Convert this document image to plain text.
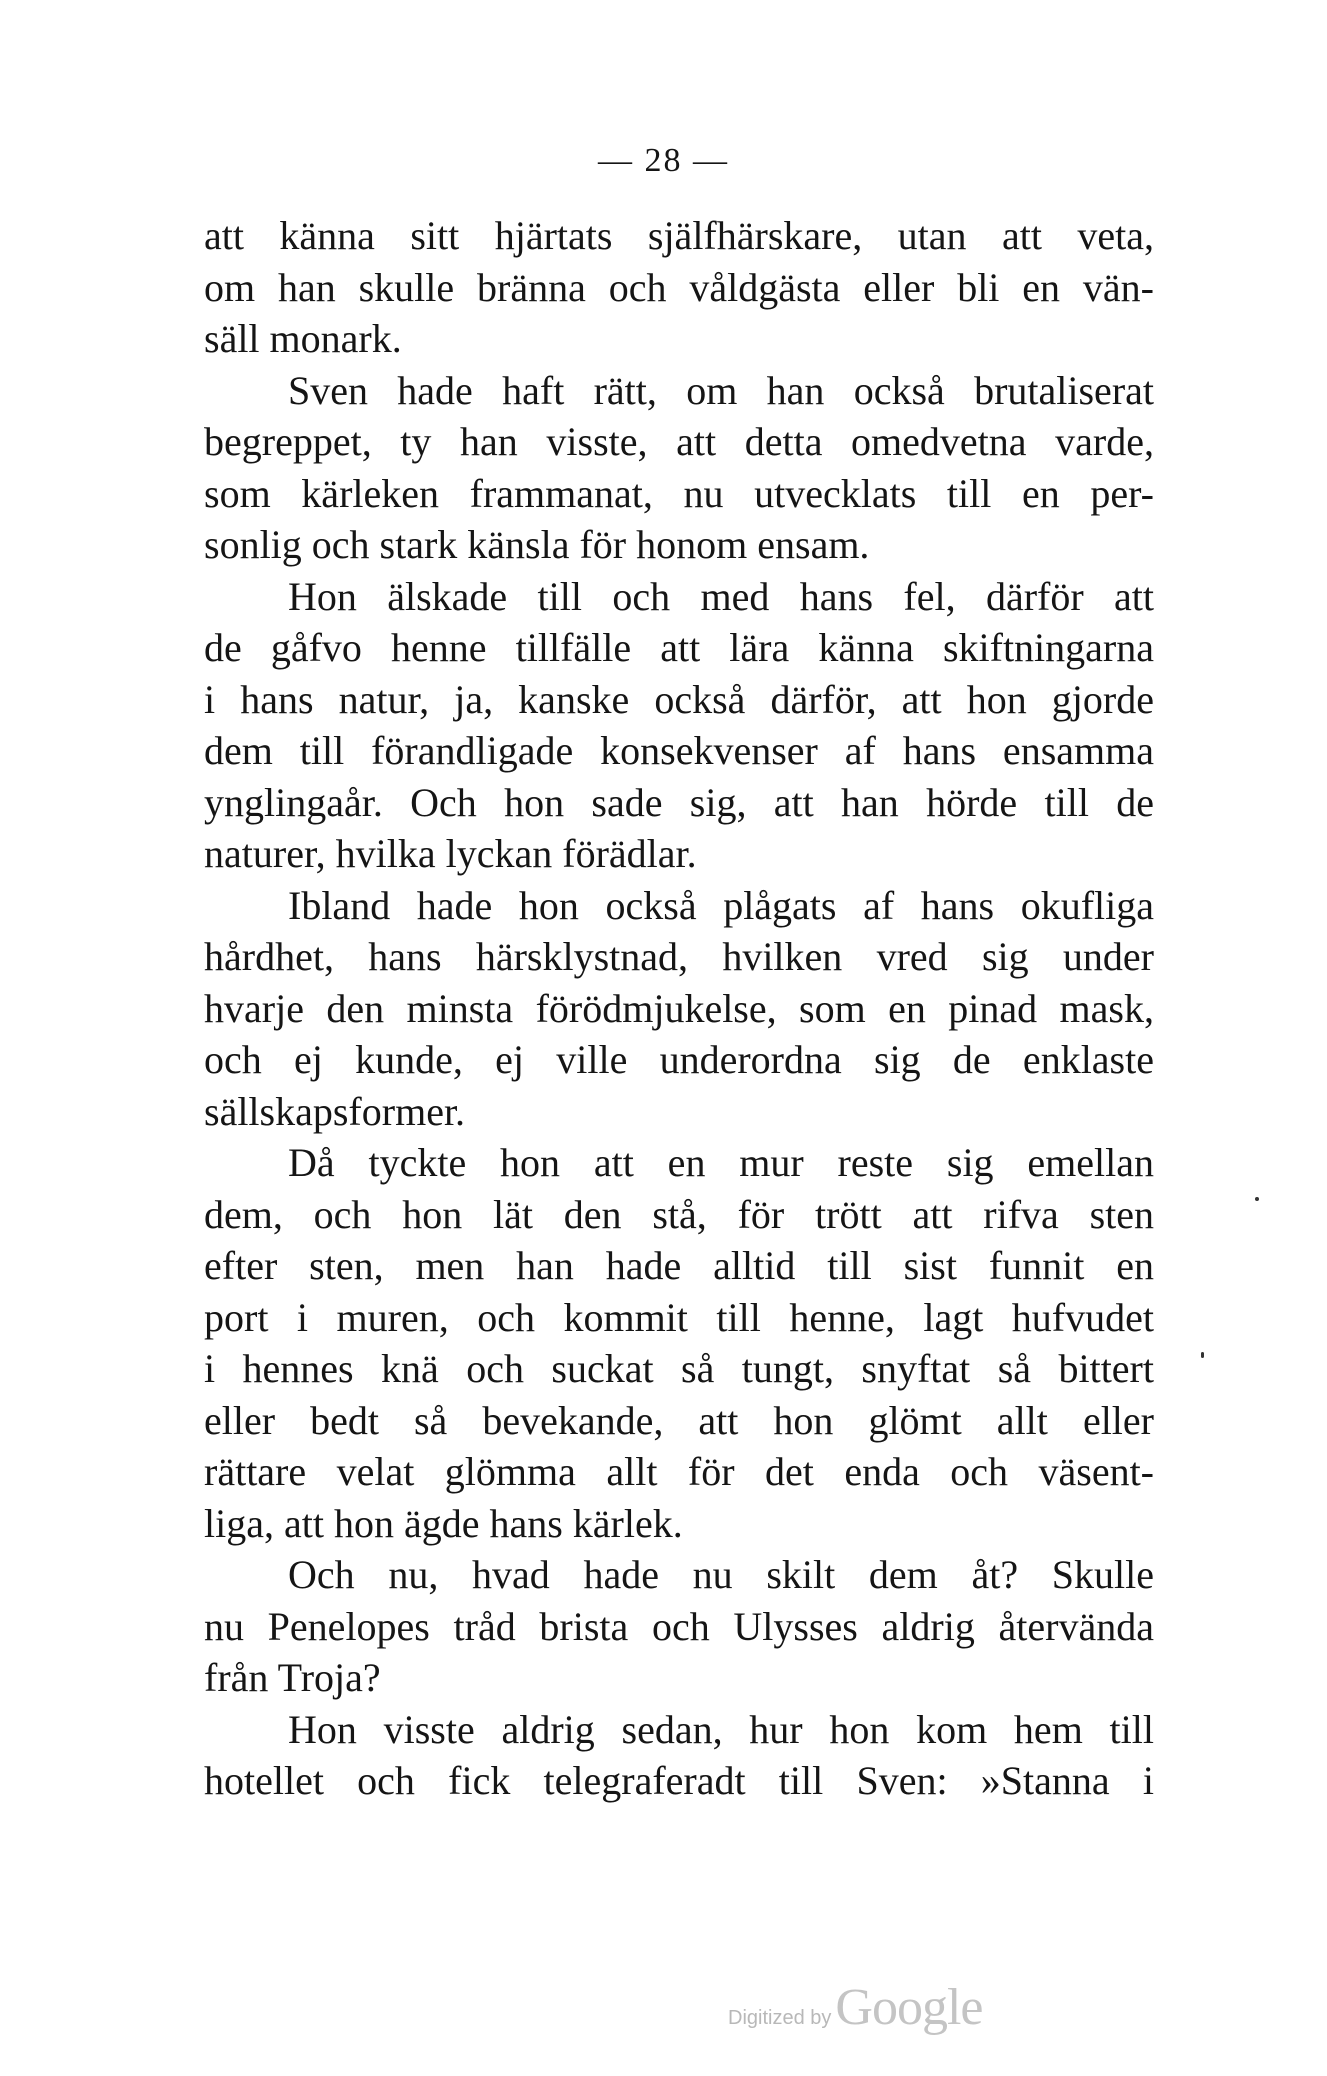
— 28 —
att känna sitt hjärtats själfhärskare, utan att veta,
om han skulle bränna och våldgästa eller bli en vän-
säll monark.
Sven hade haft rätt, om han också brutaliserat
begreppet, ty han visste, att detta omedvetna varde,
som kärleken frammanat, nu utvecklats till en per-
sonlig och stark känsla för honom ensam.
Hon älskade till och med hans fel, därför att
de gåfvo henne tillfälle att lära känna skiftningarna
i hans natur, ja, kanske också därför, att hon gjorde
dem till förandligade konsekvenser af hans ensamma
ynglingaår. Och hon sade sig, att han hörde till de
naturer, hvilka lyckan förädlar.
Ibland hade hon också plågats af hans okufliga
hårdhet, hans härsklystnad, hvilken vred sig under
hvarje den minsta förödmjukelse, som en pinad mask,
och ej kunde, ej ville underordna sig de enklaste
sällskapsformer.
Då tyckte hon att en mur reste sig emellan
dem, och hon lät den stå, för trött att rifva sten
efter sten, men han hade alltid till sist funnit en
port i muren, och kommit till henne, lagt hufvudet
i hennes knä och suckat så tungt, snyftat så bittert
eller bedt så bevekande, att hon glömt allt eller
rättare velat glömma allt för det enda och väsent-
liga, att hon ägde hans kärlek.
Och nu, hvad hade nu skilt dem åt? Skulle
nu Penelopes tråd brista och Ulysses aldrig återvända
från Troja?
Hon visste aldrig sedan, hur hon kom hem till
hotellet och fick telegraferadt till Sven: »Stanna i
Digitized byGoogle
